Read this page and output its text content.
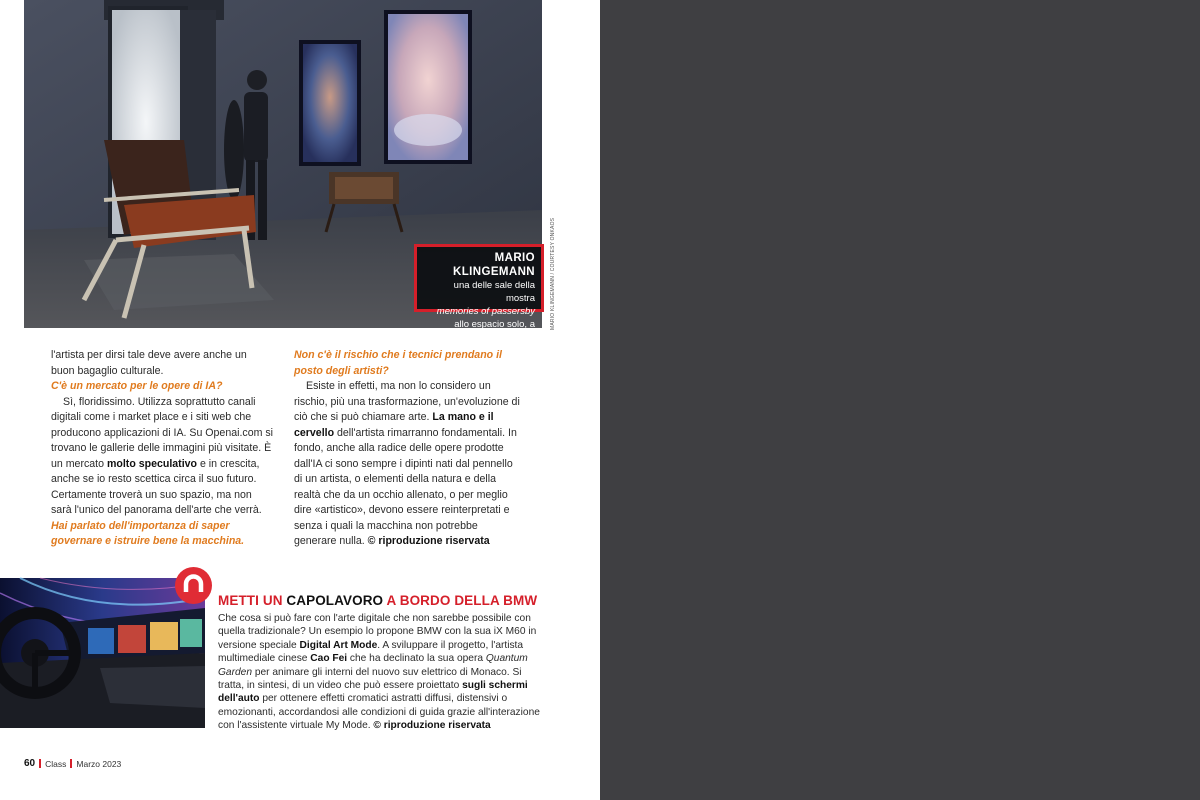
MARIO KLINGEMANN
una delle sale della mostra
memories of passersby
allo espacio solo, a madrid
MARIO KLINGEMANN / COURTESY ONKAOS

l'artista per dirsi tale deve avere anche un buon bagaglio culturale.

C'è un mercato per le opere di IA?

Sì, floridissimo. Utilizza soprattutto canali digitali come i market place e i siti web che producono applicazioni di IA. Su Openai.com si trovano le gallerie delle immagini più visitate. È un mercato molto speculativo e in crescita, anche se io resto scettica circa il suo futuro. Certamente troverà un suo spazio, ma non sarà l'unico del panorama dell'arte che verrà.

Hai parlato dell'importanza di saper governare e istruire bene la macchina.

Non c'è il rischio che i tecnici prendano il posto degli artisti?

Esiste in effetti, ma non lo considero un rischio, più una trasformazione, un'evoluzione di ciò che si può chiamare arte. La mano e il cervello dell'artista rimarranno fondamentali. In fondo, anche alla radice delle opere prodotte dall'IA ci sono sempre i dipinti nati dal pennello di un artista, o elementi della natura e della realtà che da un occhio allenato, o per meglio dire «artistico», devono essere reinterpretati e senza i quali la macchina non potrebbe generare nulla. © riproduzione riservata

METTI UN CAPOLAVORO A BORDO DELLA BMW
Che cosa si può fare con l'arte digitale che non sarebbe possibile con quella tradizionale? Un esempio lo propone BMW con la sua iX M60 in versione speciale Digital Art Mode. A sviluppare il progetto, l'artista multimediale cinese Cao Fei che ha declinato la sua opera Quantum Garden per animare gli interni del nuovo suv elettrico di Monaco. Si tratta, in sintesi, di un video che può essere proiettato sugli schermi dell'auto per ottenere effetti cromatici astratti diffusi, distensivi o emozionanti, accordandosi alle condizioni di guida grazie all'interazione con l'assistente virtuale My Mode. © riproduzione riservata
60 Class Marzo 2023
